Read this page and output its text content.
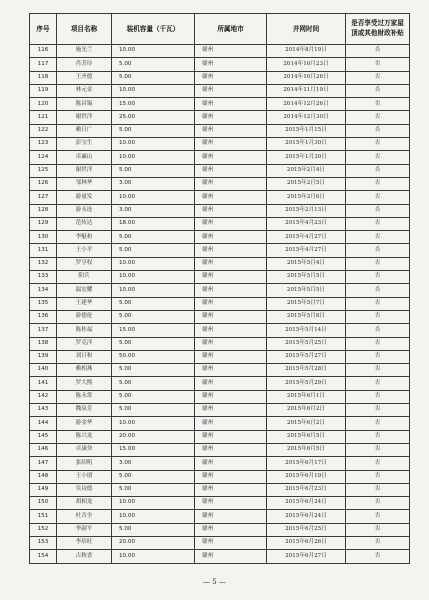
序号	项目名称	装机容量（千瓦）	所属地市	并网时间	是否享受过万家屋顶或其他财政补贴
116	施光兰	10.00	赣州	2014年8月19日	否
117	肖芳玲	5.00	赣州	2014年10月23日	否
118	王齐德	5.00	赣州	2014年10月26日	否
119	林元金	10.00	赣州	2014年11月19日	否
120	陈昌锡	15.00	赣州	2014年12月26日	否
121	谢世洋	25.00	赣州	2014年12月30日	否
122	赖日广	5.00	赣州	2015年1月15日	否
123	彭宝生	10.00	赣州	2015年1月30日	否
124	卓廉山	10.00	赣州	2015年1月30日	否
125	谢世洋	5.00	赣州	2015年2月4日	否
126	邹林华	3.00	赣州	2015年2月5日	否
127	游量发	10.00	赣州	2015年2月6日	否
128	游永连	3.00	赣州	2015年2月13日	否
129	范传达	18.00	赣州	2015年4月23日	否
130	李魁和	5.00	赣州	2015年4月27日	否
131	王小平	5.00	赣州	2015年4月27日	否
132	罗亨权	10.00	赣州	2015年5月4日	否
133	阳兵	10.00	赣州	2015年5月5日	否
134	温宏耀	10.00	赣州	2015年5月5日	否
135	王建华	5.00	赣州	2015年5月7日	否
136	游德伦	5.00	赣州	2015年5月8日	否
137	陈桂福	15.00	赣州	2015年5月14日	否
138	罗克洋	5.00	赣州	2015年5月25日	否
139	刘日和	50.00	赣州	2015年5月27日	否
140	赖相燕	5.00	赣州	2015年5月28日	否
141	罗大熙	5.00	赣州	2015年5月29日	否
142	陈永常	5.00	赣州	2015年6月1日	否
143	魏泉芳	5.00	赣州	2015年6月2日	否
144	游金华	10.00	赣州	2015年6月2日	否
145	陈兴龙	20.00	赣州	2015年6月5日	否
146	卓康癸	15.00	赣州	2015年6月5日	否
147	张绍明	3.00	赣州	2015年6月17日	否
148	王小朋	5.00	赣州	2015年6月19日	否
149	吴诗德	5.00	赣州	2015年6月23日	否
150	胡相龙	10.00	赣州	2015年6月24日	否
151	杜否全	10.00	赣州	2015年6月24日	否
152	李淑平	5.00	赣州	2015年6月25日	否
153	李培旺	20.00	赣州	2015年6月26日	否
154	古秋香	10.00	赣州	2015年6月27日	否
— 5 —
